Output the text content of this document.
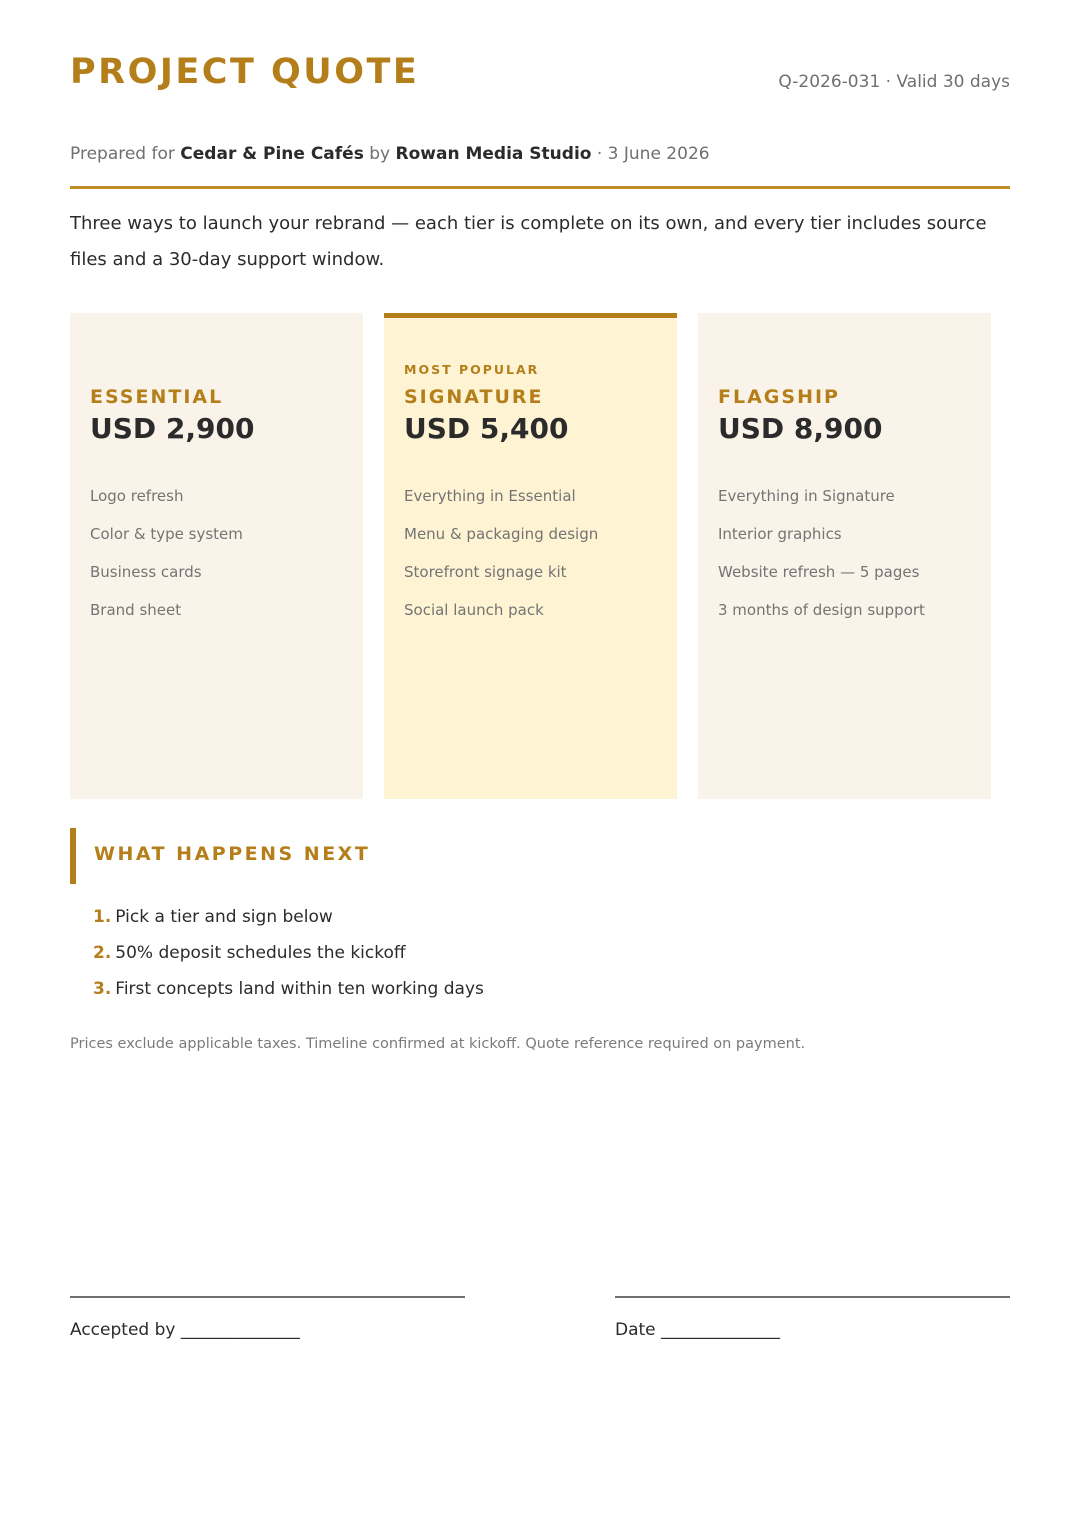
PROJECT QUOTE	Q-2026-031 · Valid 30 days
Prepared for Cedar & Pine Cafés by Rowan Media Studio · 3 June 2026
Three ways to launch your rebrand — each tier is complete on its own, and every tier includes source files and a 30-day support window.
ESSENTIAL
USD 2,900
Logo refresh
Color & type system
Business cards
Brand sheet
MOST POPULAR
SIGNATURE
USD 5,400
Everything in Essential
Menu & packaging design
Storefront signage kit
Social launch pack
FLAGSHIP
USD 8,900
Everything in Signature
Interior graphics
Website refresh — 5 pages
3 months of design support
WHAT HAPPENS NEXT
1. Pick a tier and sign below
2. 50% deposit schedules the kickoff
3. First concepts land within ten working days
Prices exclude applicable taxes. Timeline confirmed at kickoff. Quote reference required on payment.
Accepted by ______________	Date ______________
